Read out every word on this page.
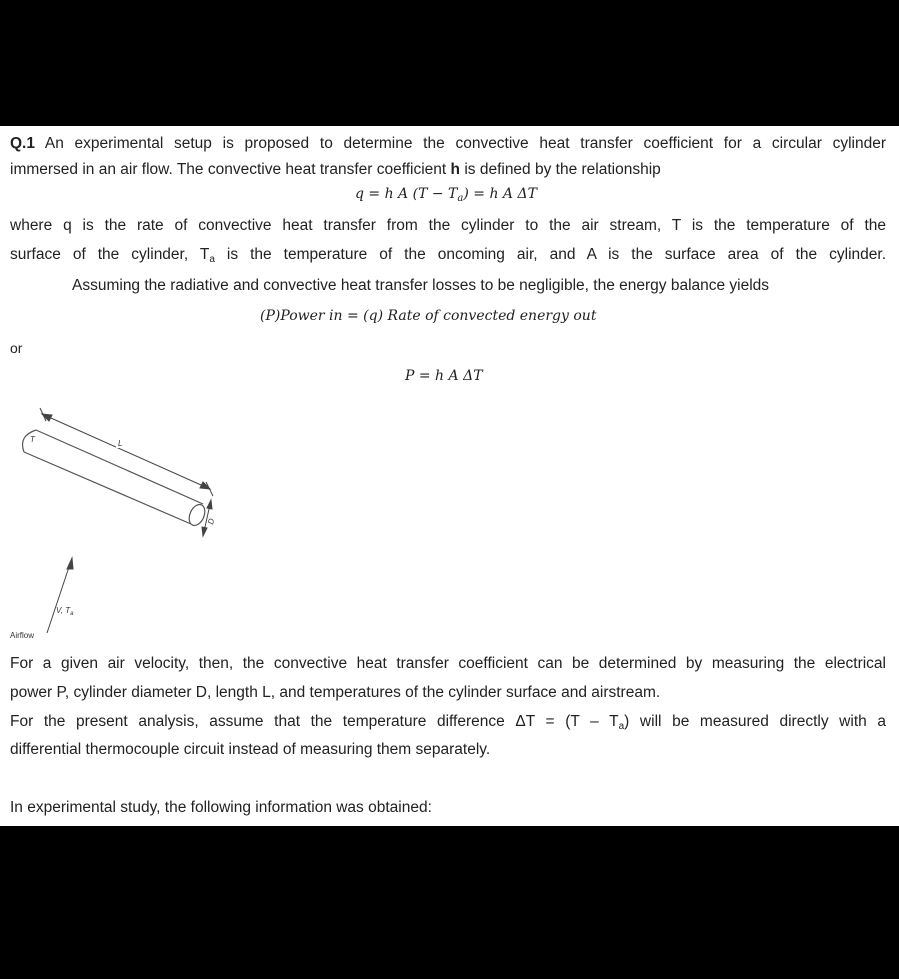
Q.1 An experimental setup is proposed to determine the convective heat transfer coefficient for a circular cylinder
immersed in an air flow. The convective heat transfer coefficient h is defined by the relationship
q = h A $(T - T_a) = h$ A ΔT
where q is the rate of convective heat transfer from the cylinder to the air stream, T is the temperature of the
surface of the cylinder, $T_a$ is the temperature of the oncoming air, and A is the surface area of the cylinder.
Assuming the radiative and convective heat transfer losses to be negligible, the energy balance yields
(P)Power in = (q) Rate of convected energy out
or
P = h A ΔT
L
T
D
V, $T_a$
Airflow
For a given air velocity, then, the convective heat transfer coefficient can be determined by measuring the electrical
power P, cylinder diameter D, length L, and temperatures of the cylinder surface and airstream.
For the present analysis, assume that the temperature difference $\Delta T = (T - T_a)$ will be measured directly with a
differential thermocouple circuit instead of measuring them separately.
In experimental study, the following information was obtained:
